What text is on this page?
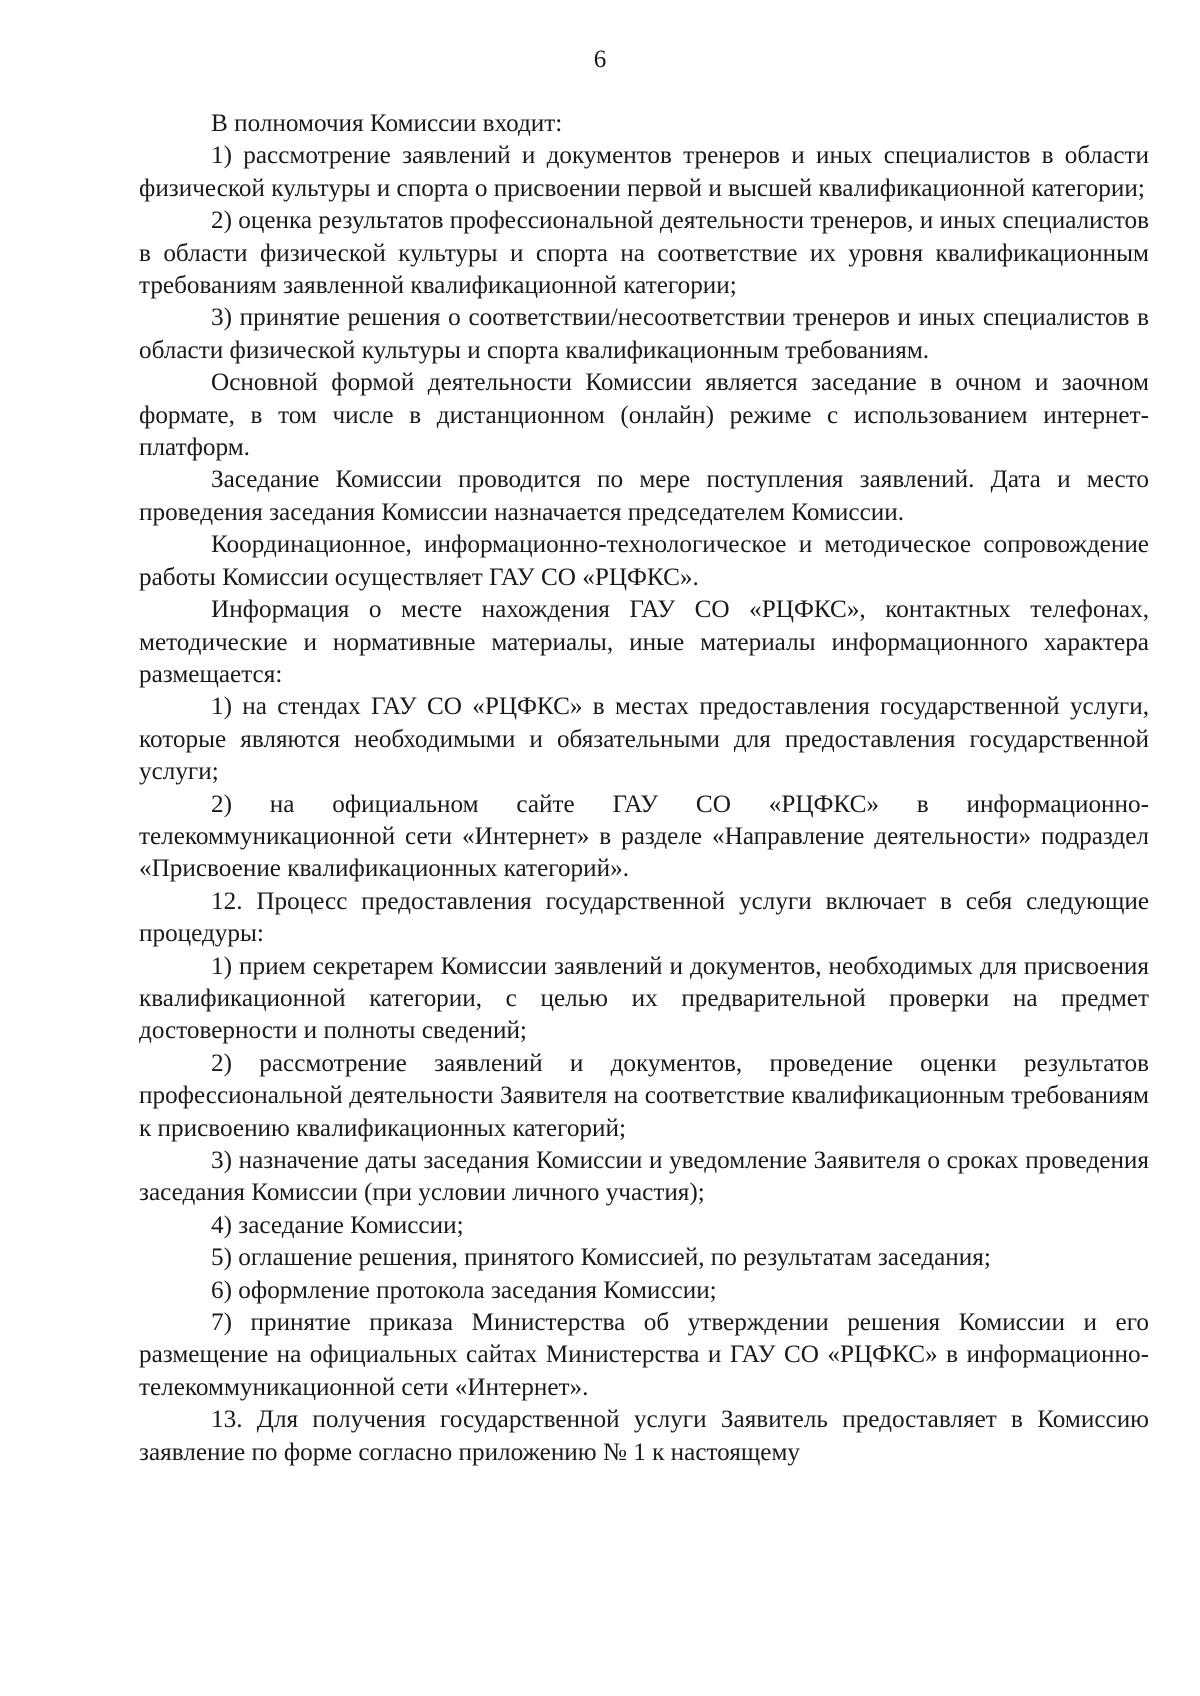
6

В полномочия Комиссии входит:

1) рассмотрение заявлений и документов тренеров и иных специалистов в области физической культуры и спорта о присвоении первой и высшей квалификационной категории;

2) оценка результатов профессиональной деятельности тренеров, и иных специалистов в области физической культуры и спорта на соответствие их уровня квалификационным требованиям заявленной квалификационной категории;

3) принятие решения о соответствии/несоответствии тренеров и иных специалистов в области физической культуры и спорта квалификационным требованиям.

Основной формой деятельности Комиссии является заседание в очном и заочном формате, в том числе в дистанционном (онлайн) режиме с использованием интернет-платформ.

Заседание Комиссии проводится по мере поступления заявлений. Дата и место проведения заседания Комиссии назначается председателем Комиссии.

Координационное, информационно-технологическое и методическое сопровождение работы Комиссии осуществляет ГАУ СО «РЦФКС».

Информация о месте нахождения ГАУ СО «РЦФКС», контактных телефонах, методические и нормативные материалы, иные материалы информационного характера размещается:

1) на стендах ГАУ СО «РЦФКС» в местах предоставления государственной услуги, которые являются необходимыми и обязательными для предоставления государственной услуги;

2) на официальном сайте ГАУ СО «РЦФКС» в информационно-телекоммуникационной сети «Интернет» в разделе «Направление деятельности» подраздел «Присвоение квалификационных категорий».

12. Процесс предоставления государственной услуги включает в себя следующие процедуры:

1) прием секретарем Комиссии заявлений и документов, необходимых для присвоения квалификационной категории, с целью их предварительной проверки на предмет достоверности и полноты сведений;

2) рассмотрение заявлений и документов, проведение оценки результатов профессиональной деятельности Заявителя на соответствие квалификационным требованиям к присвоению квалификационных категорий;

3) назначение даты заседания Комиссии и уведомление Заявителя о сроках проведения заседания Комиссии (при условии личного участия);

4) заседание Комиссии;

5) оглашение решения, принятого Комиссией, по результатам заседания;

6) оформление протокола заседания Комиссии;

7) принятие приказа Министерства об утверждении решения Комиссии и его размещение на официальных сайтах Министерства и ГАУ СО «РЦФКС» в информационно-телекоммуникационной сети «Интернет».

13. Для получения государственной услуги Заявитель предоставляет в Комиссию заявление по форме согласно приложению № 1 к настоящему
